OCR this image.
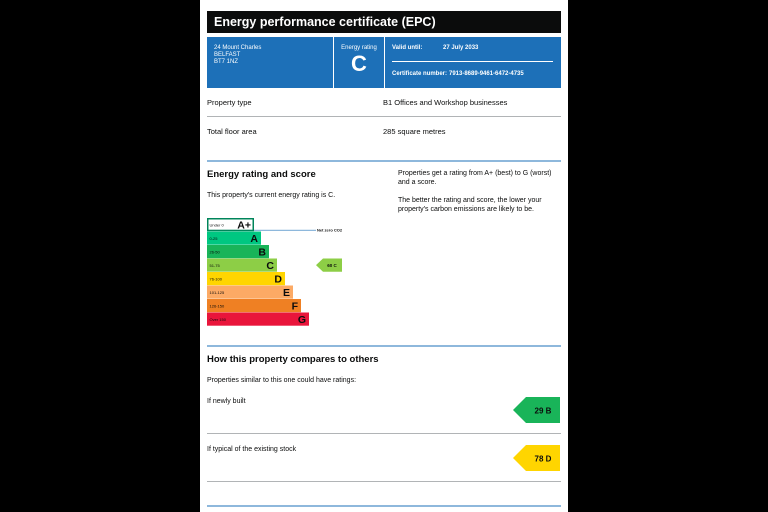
Energy performance certificate (EPC)
24 Mount Charles
BELFAST
BT7 1NZ
Energy rating
C
Valid until:	27 July 2033
Certificate number: 7913-8689-9461-6472-4735
Property type	B1 Offices and Workshop businesses
Total floor area	285 square metres
Energy rating and score
This property's current energy rating is C.
Properties get a rating from A+ (best) to G (worst) and a score.
The better the rating and score, the lower your property's carbon emissions are likely to be.
Under 0 A+
0-25	A
26-50	B
51-75	C
76-100	D
101-125	E
126-150	F
Over 150	G
Net zero CO2
60 C
How this property compares to others
Properties similar to this one could have ratings:
If newly built
29 B
If typical of the existing stock
78 D
